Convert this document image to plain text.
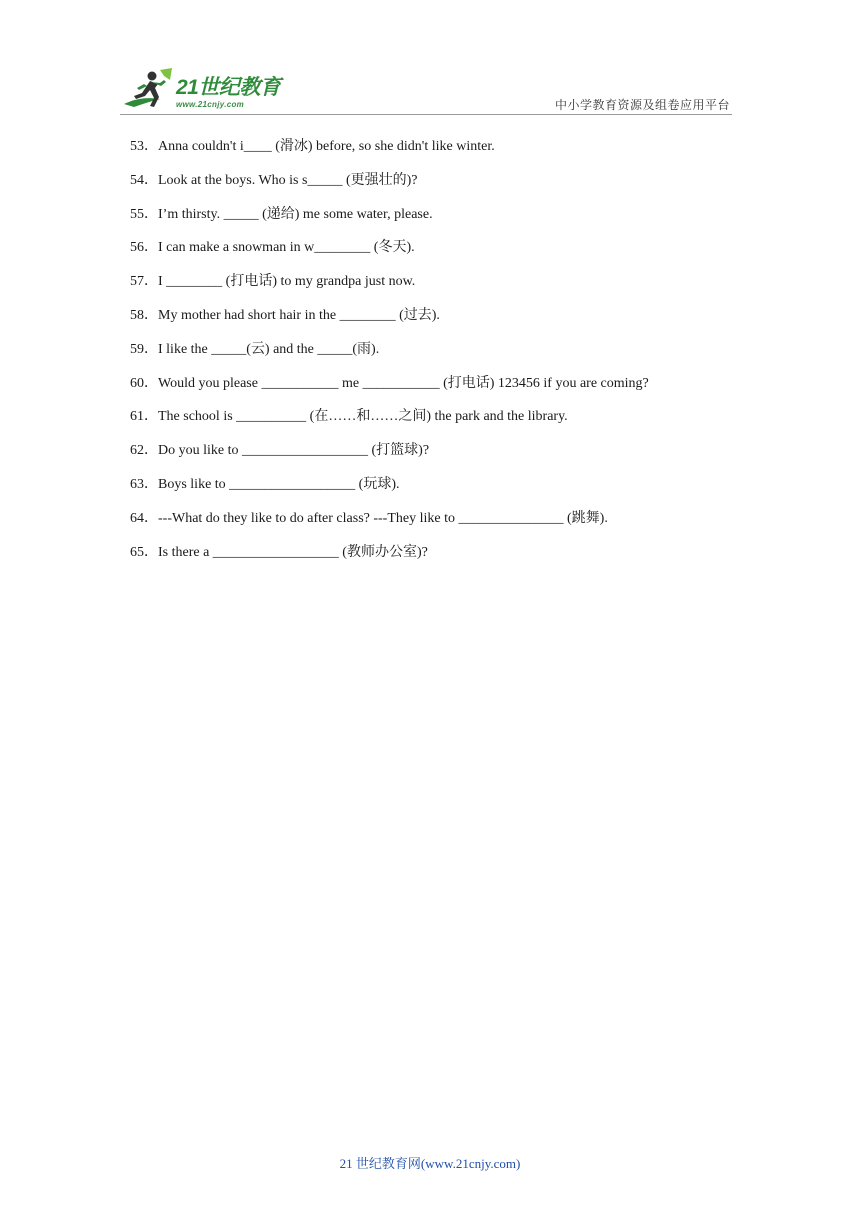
21世纪教育
www.21cnjy.com	中小学教育资源及组卷应用平台
53．Anna couldn't i____ (滑冰) before, so she didn't like winter.
54．Look at the boys. Who is s_____ (更强壮的)?
55．I’m thirsty. _____ (递给) me some water, please.
56．I can make a snowman in w________ (冬天).
57．I ________ (打电话) to my grandpa just now.
58．My mother had short hair in the ________ (过去).
59．I like the _____(云) and the _____(雨).
60．Would you please ___________ me ___________ (打电话) 123456 if you are coming?
61．The school is __________ (在……和……之间) the park and the library.
62．Do you like to __________________ (打篮球)?
63．Boys like to __________________ (玩球).
64．---What do they like to do after class? ---They like to _______________ (跳舞).
65．Is there a __________________ (教师办公室)?
21 世纪教育网(www.21cnjy.com)
